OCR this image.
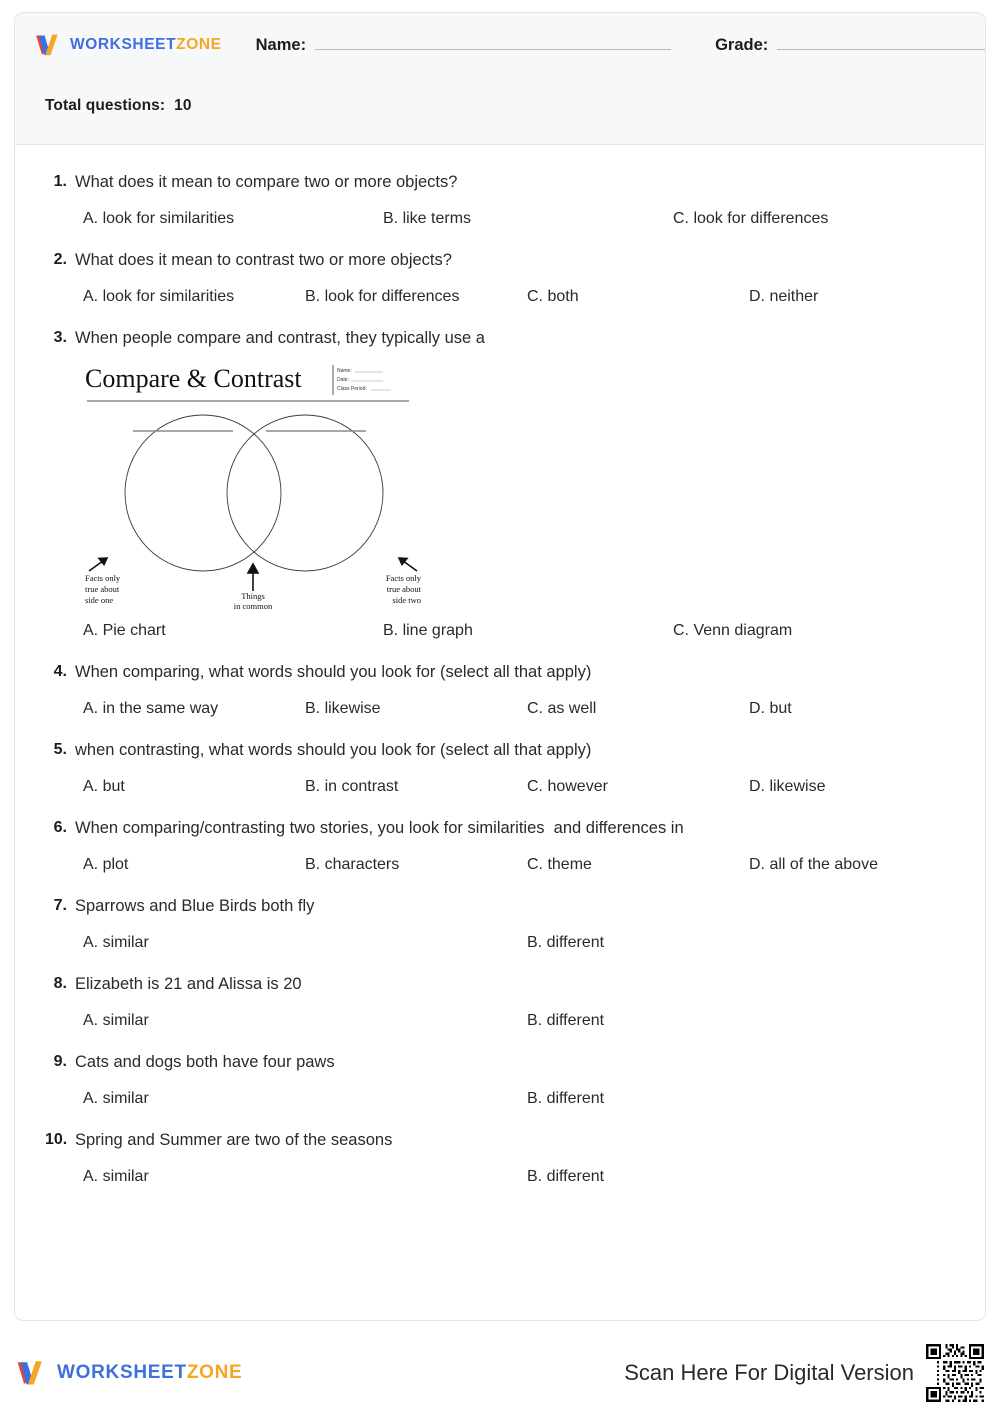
WORKSHEETZONE Name:	Grade:
Total questions: 10
1. What does it mean to compare two or more objects?
A. look for similarities	B. like terms	C. look for differences
2. What does it mean to contrast two or more objects?
A. look for similarities	B. look for differences	C. both	D. neither
3. When people compare and contrast, they typically use a
Compare & Contrast	Name:
Date:
Class Period:
Facts only
true about
side one	Things
in common
Facts only
true about
side two
A. Pie chart	B. line graph	C. Venn diagram
4. When comparing, what words should you look for (select all that apply)
A. in the same way	B. likewise	C. as well	D. but
5. when contrasting, what words should you look for (select all that apply)
A. but	B. in contrast	C. however	D. likewise
6. When comparing/contrasting two stories, you look for similarities  and differences in
A. plot	B. characters	C. theme	D. all of the above
7. Sparrows and Blue Birds both fly
A. similar	B. different
8. Elizabeth is 21 and Alissa is 20
A. similar	B. different
9. Cats and dogs both have four paws
A. similar	B. different
10. Spring and Summer are two of the seasons
A. similar	B. different
WORKSHEETZONE	Scan Here For Digital Version
